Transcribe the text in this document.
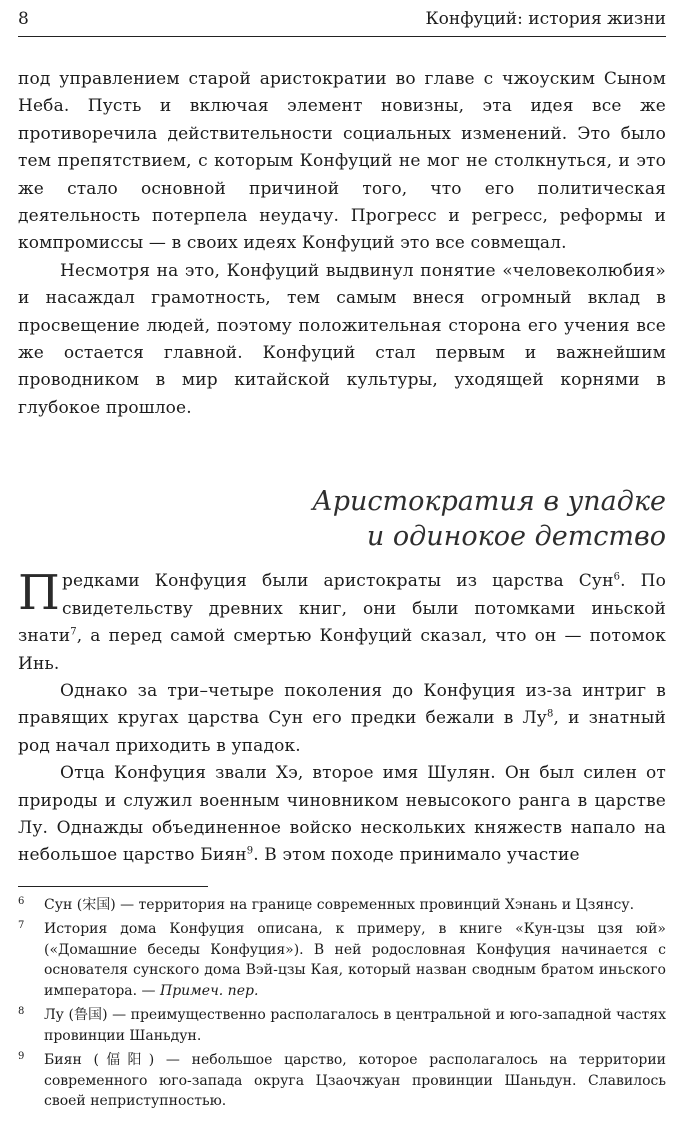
8	Конфуций: история жизни

под управлением старой аристократии во главе с чжоуским Сыном Неба. Пусть и включая элемент новизны, эта идея все же противоречила действительности социальных изменений. Это было тем препятствием, с которым Конфуций не мог не столкнуться, и это же стало основной причиной того, что его политическая деятельность потерпела неудачу. Прогресс и регресс, реформы и компромиссы — в своих идеях Конфуций это все совмещал.

Несмотря на это, Конфуций выдвинул понятие «человеколюбия» и насаждал грамотность, тем самым внеся огромный вклад в просвещение людей, поэтому положительная сторона его учения все же остается главной. Конфуций стал первым и важнейшим проводником в мир китайской культуры, уходящей корнями в глубокое прошлое.

Аристократия в упадке
и одинокое детство

Предками Конфуция были аристократы из царства Сун$^6$. По свидетельству древних книг, они были потомками иньской знати$^7$, а перед самой смертью Конфуций сказал, что он — потомок Инь.

Однако за три–четыре поколения до Конфуция из-за интриг в правящих кругах царства Сун его предки бежали в $Лу^8$, и знатный род начал приходить в упадок.

Отца Конфуция звали Хэ, второе имя Шулян. Он был силен от природы и служил военным чиновником невысокого ранга в царстве Лу. Однажды объединенное войско нескольких княжеств напало на небольшое царство Биян$^9$. В этом походе принимало участие

6 Сун (宋国) — территория на границе современных провинций Хэнань и Цзянсу.
7 История дома Конфуция описана, к примеру, в книге «Кун-цзы цзя юй» («Домашние беседы Конфуция»). В ней родословная Конфуция начинается с основателя сунского дома Вэй-цзы Кая, который назван сводным братом иньского императора. — Примеч. пер.
8 Лу (鲁国) — преимущественно располагалось в центральной и юго-западной частях провинции Шаньдун.
9 Биян (偪阳) — небольшое царство, которое располагалось на территории современного юго-запада округа Цзаочжуан провинции Шаньдун. Славилось своей неприступностью.
